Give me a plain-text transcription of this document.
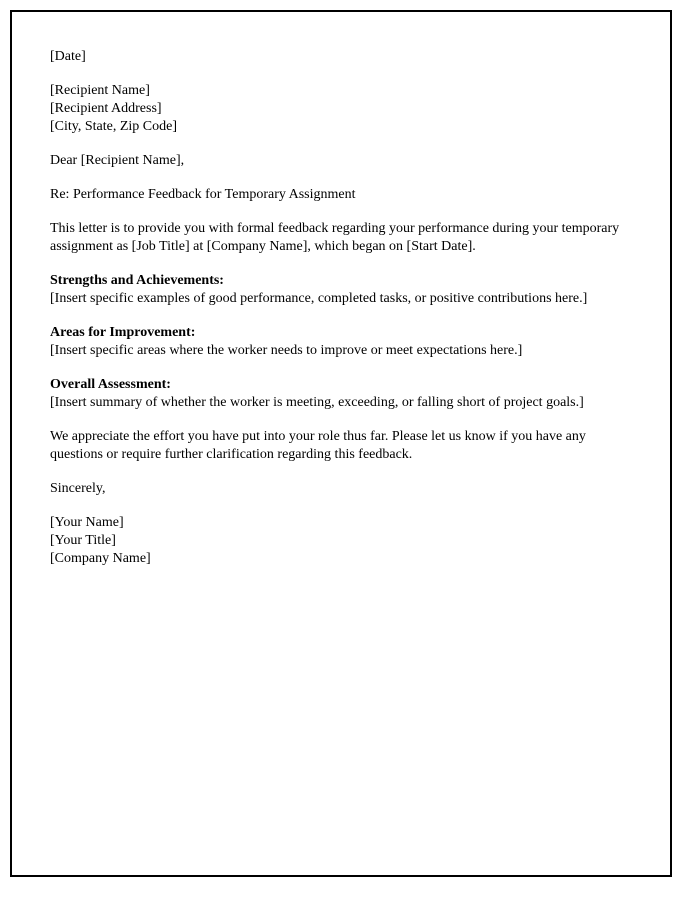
[Date]

[Recipient Name]
[Recipient Address]
[City, State, Zip Code]

Dear [Recipient Name],

Re: Performance Feedback for Temporary Assignment

This letter is to provide you with formal feedback regarding your performance during your temporary assignment as [Job Title] at [Company Name], which began on [Start Date].

Strengths and Achievements:
[Insert specific examples of good performance, completed tasks, or positive contributions here.]

Areas for Improvement:
[Insert specific areas where the worker needs to improve or meet expectations here.]

Overall Assessment:
[Insert summary of whether the worker is meeting, exceeding, or falling short of project goals.]

We appreciate the effort you have put into your role thus far. Please let us know if you have any questions or require further clarification regarding this feedback.

Sincerely,

[Your Name]
[Your Title]
[Company Name]
